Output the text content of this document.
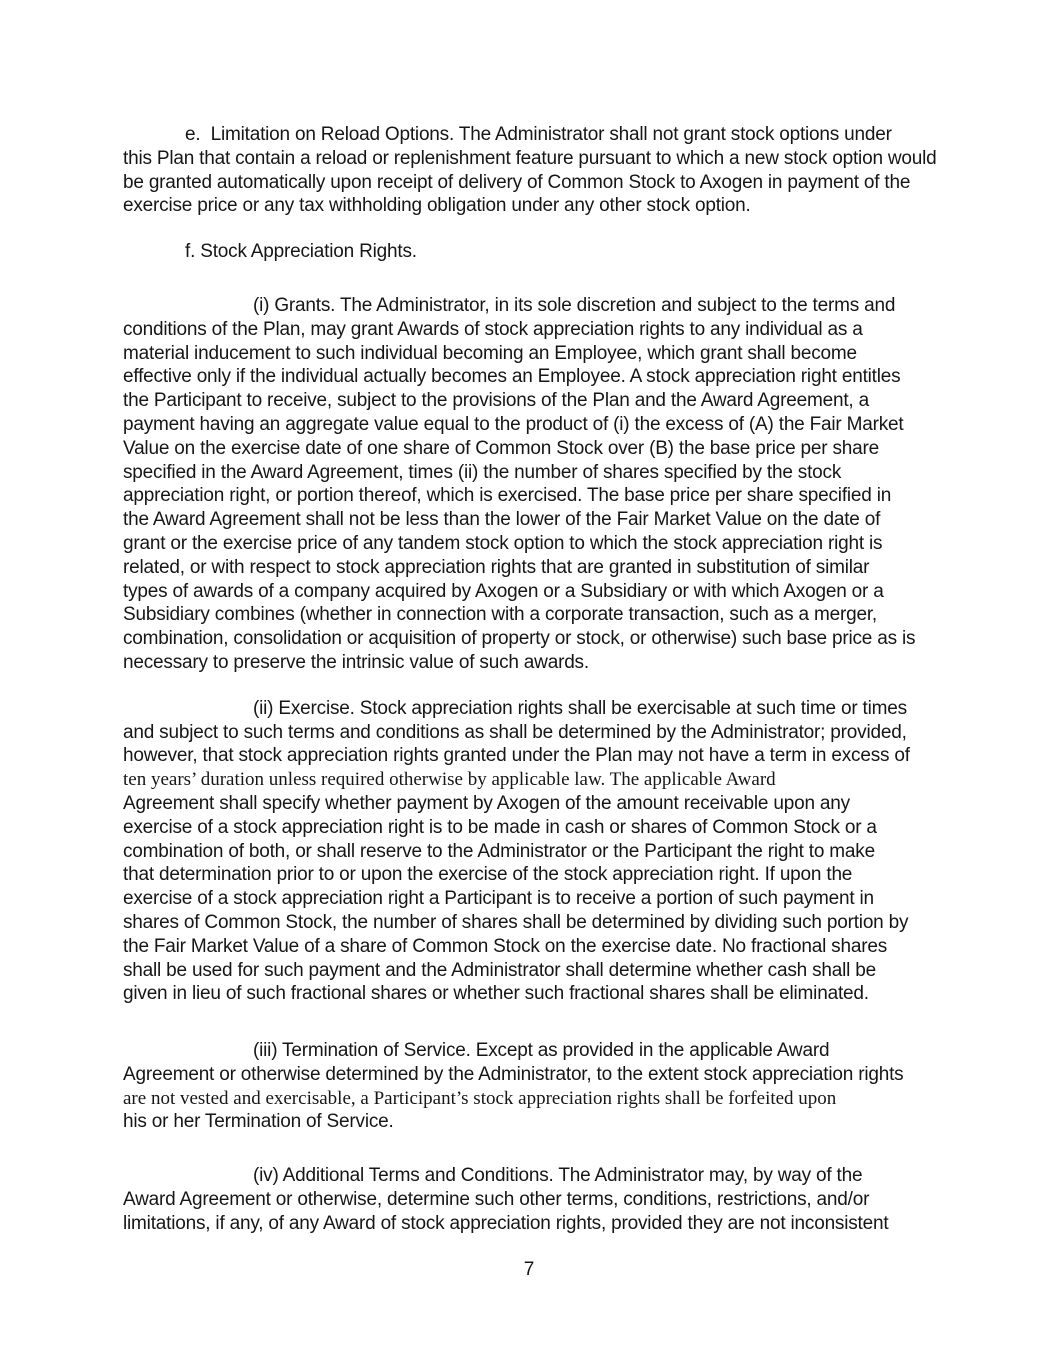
e.  Limitation on Reload Options. The Administrator shall not grant stock options under
this Plan that contain a reload or replenishment feature pursuant to which a new stock option would
be granted automatically upon receipt of delivery of Common Stock to Axogen in payment of the
exercise price or any tax withholding obligation under any other stock option.
f. Stock Appreciation Rights.
(i) Grants. The Administrator, in its sole discretion and subject to the terms and
conditions of the Plan, may grant Awards of stock appreciation rights to any individual as a
material inducement to such individual becoming an Employee, which grant shall become
effective only if the individual actually becomes an Employee. A stock appreciation right entitles
the Participant to receive, subject to the provisions of the Plan and the Award Agreement, a
payment having an aggregate value equal to the product of (i) the excess of (A) the Fair Market
Value on the exercise date of one share of Common Stock over (B) the base price per share
specified in the Award Agreement, times (ii) the number of shares specified by the stock
appreciation right, or portion thereof, which is exercised. The base price per share specified in
the Award Agreement shall not be less than the lower of the Fair Market Value on the date of
grant or the exercise price of any tandem stock option to which the stock appreciation right is
related, or with respect to stock appreciation rights that are granted in substitution of similar
types of awards of a company acquired by Axogen or a Subsidiary or with which Axogen or a
Subsidiary combines (whether in connection with a corporate transaction, such as a merger,
combination, consolidation or acquisition of property or stock, or otherwise) such base price as is
necessary to preserve the intrinsic value of such awards.
(ii) Exercise. Stock appreciation rights shall be exercisable at such time or times
and subject to such terms and conditions as shall be determined by the Administrator; provided,
however, that stock appreciation rights granted under the Plan may not have a term in excess of
ten years’ duration unless required otherwise by applicable law. The applicable Award
Agreement shall specify whether payment by Axogen of the amount receivable upon any
exercise of a stock appreciation right is to be made in cash or shares of Common Stock or a
combination of both, or shall reserve to the Administrator or the Participant the right to make
that determination prior to or upon the exercise of the stock appreciation right. If upon the
exercise of a stock appreciation right a Participant is to receive a portion of such payment in
shares of Common Stock, the number of shares shall be determined by dividing such portion by
the Fair Market Value of a share of Common Stock on the exercise date. No fractional shares
shall be used for such payment and the Administrator shall determine whether cash shall be
given in lieu of such fractional shares or whether such fractional shares shall be eliminated.
(iii) Termination of Service. Except as provided in the applicable Award
Agreement or otherwise determined by the Administrator, to the extent stock appreciation rights
are not vested and exercisable, a Participant’s stock appreciation rights shall be forfeited upon
his or her Termination of Service.
(iv) Additional Terms and Conditions. The Administrator may, by way of the
Award Agreement or otherwise, determine such other terms, conditions, restrictions, and/or
limitations, if any, of any Award of stock appreciation rights, provided they are not inconsistent
7
